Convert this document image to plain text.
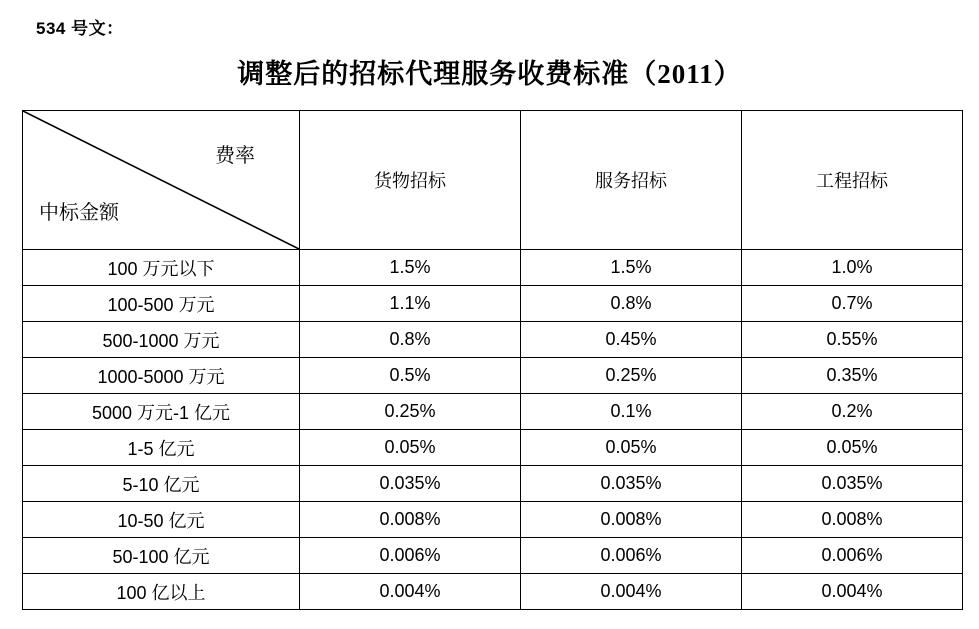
534 号文：
调整后的招标代理服务收费标准（2011）
费率
中标金额	货物招标	服务招标	工程招标
100 万元以下	1.5%	1.5%	1.0%
100-500 万元	1.1%	0.8%	0.7%
500-1000 万元	0.8%	0.45%	0.55%
1000-5000 万元	0.5%	0.25%	0.35%
5000 万元-1 亿元	0.25%	0.1%	0.2%
1-5 亿元	0.05%	0.05%	0.05%
5-10 亿元	0.035%	0.035%	0.035%
10-50 亿元	0.008%	0.008%	0.008%
50-100 亿元	0.006%	0.006%	0.006%
100 亿以上	0.004%	0.004%	0.004%
